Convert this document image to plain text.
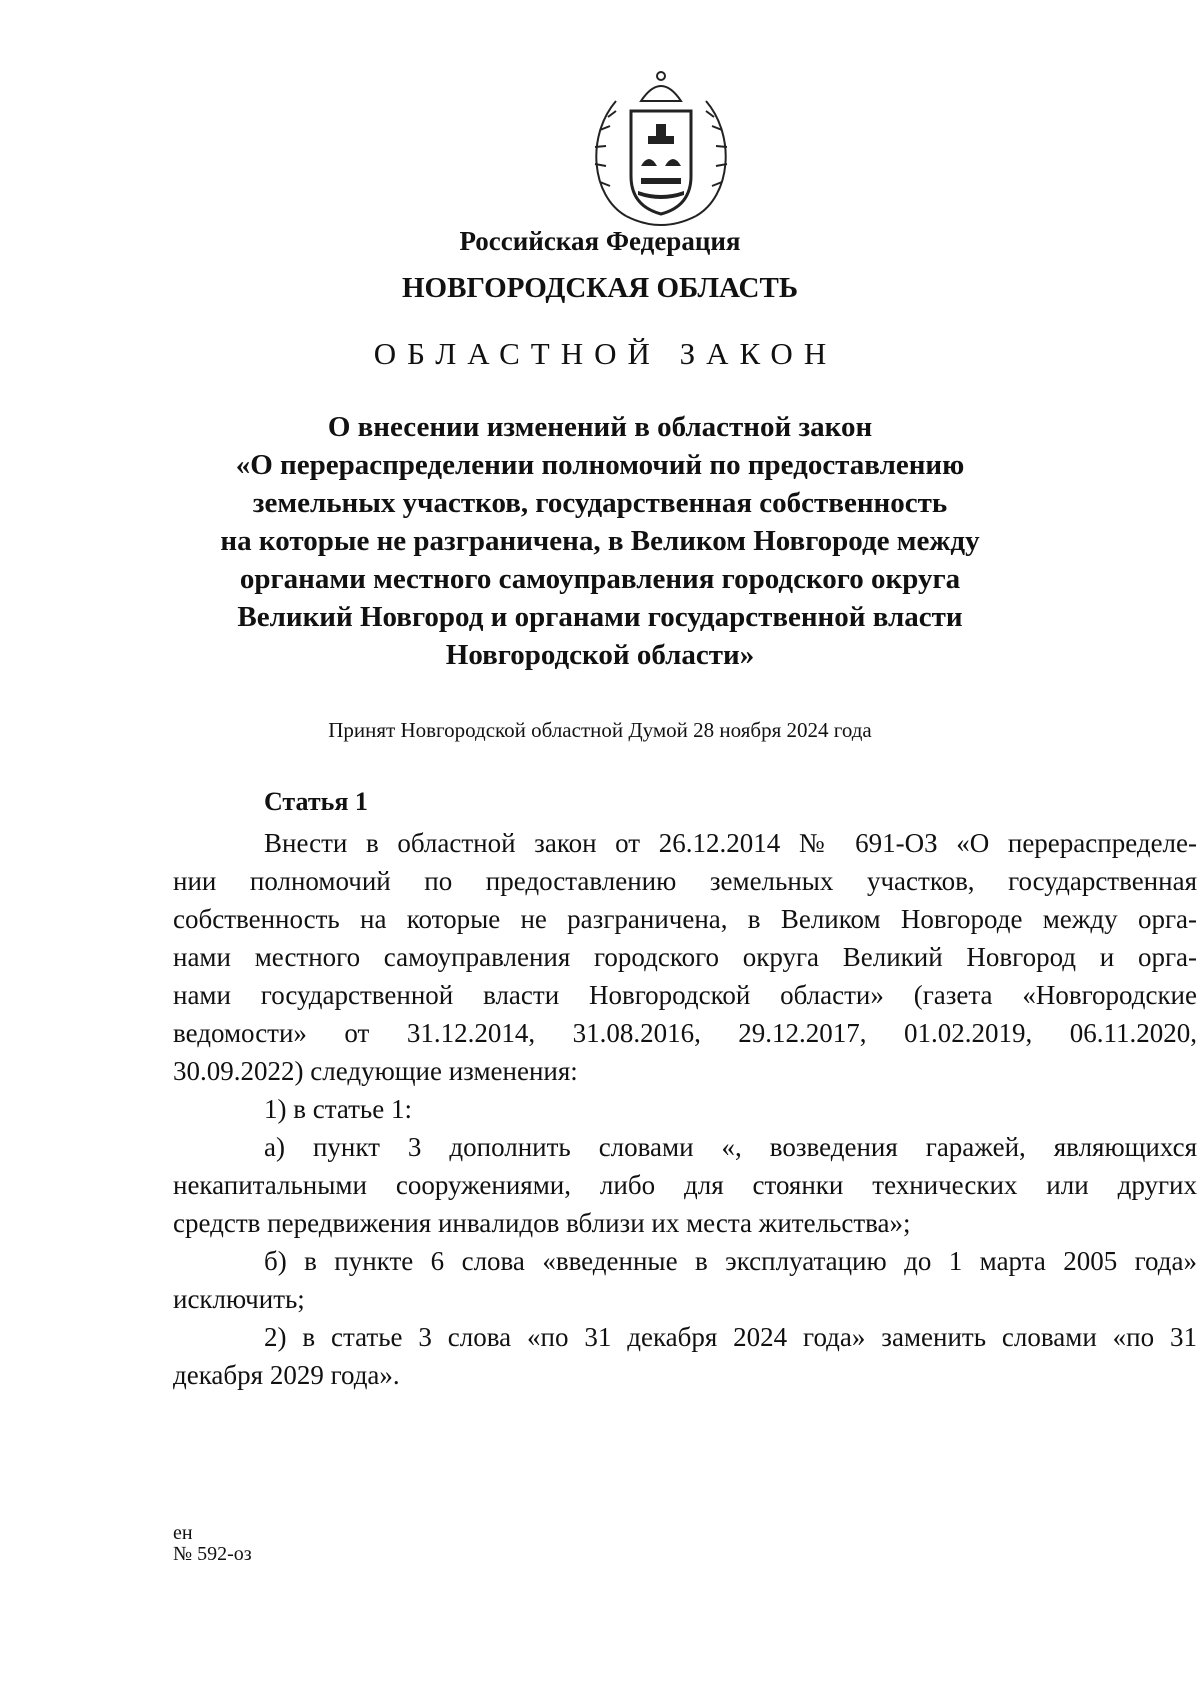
Российская Федерация
НОВГОРОДСКАЯ ОБЛАСТЬ
ОБЛАСТНОЙ ЗАКОН
О внесении изменений в областной закон
«О перераспределении полномочий по предоставлению
земельных участков, государственная собственность
на которые не разграничена, в Великом Новгороде между
органами местного самоуправления городского округа
Великий Новгород и органами государственной власти
Новгородской области»
Принят Новгородской областной Думой 28 ноября 2024 года
Статья 1
Внести в областной закон от 26.12.2014 № 691-ОЗ «О перераспределе-
нии полномочий по предоставлению земельных участков, государственная
собственность на которые не разграничена, в Великом Новгороде между орга-
нами местного самоуправления городского округа Великий Новгород и орга-
нами государственной власти Новгородской области» (газета «Новгородские
ведомости» от 31.12.2014, 31.08.2016, 29.12.2017, 01.02.2019, 06.11.2020,
30.09.2022) следующие изменения:
1) в статье 1:
а) пункт 3 дополнить словами «, возведения гаражей, являющихся
некапитальными сооружениями, либо для стоянки технических или других
средств передвижения инвалидов вблизи их места жительства»;
б) в пункте 6 слова «введенные в эксплуатацию до 1 марта 2005 года»
исключить;
2) в статье 3 слова «по 31 декабря 2024 года» заменить словами «по 31
декабря 2029 года».
ен
№ 592-оз
